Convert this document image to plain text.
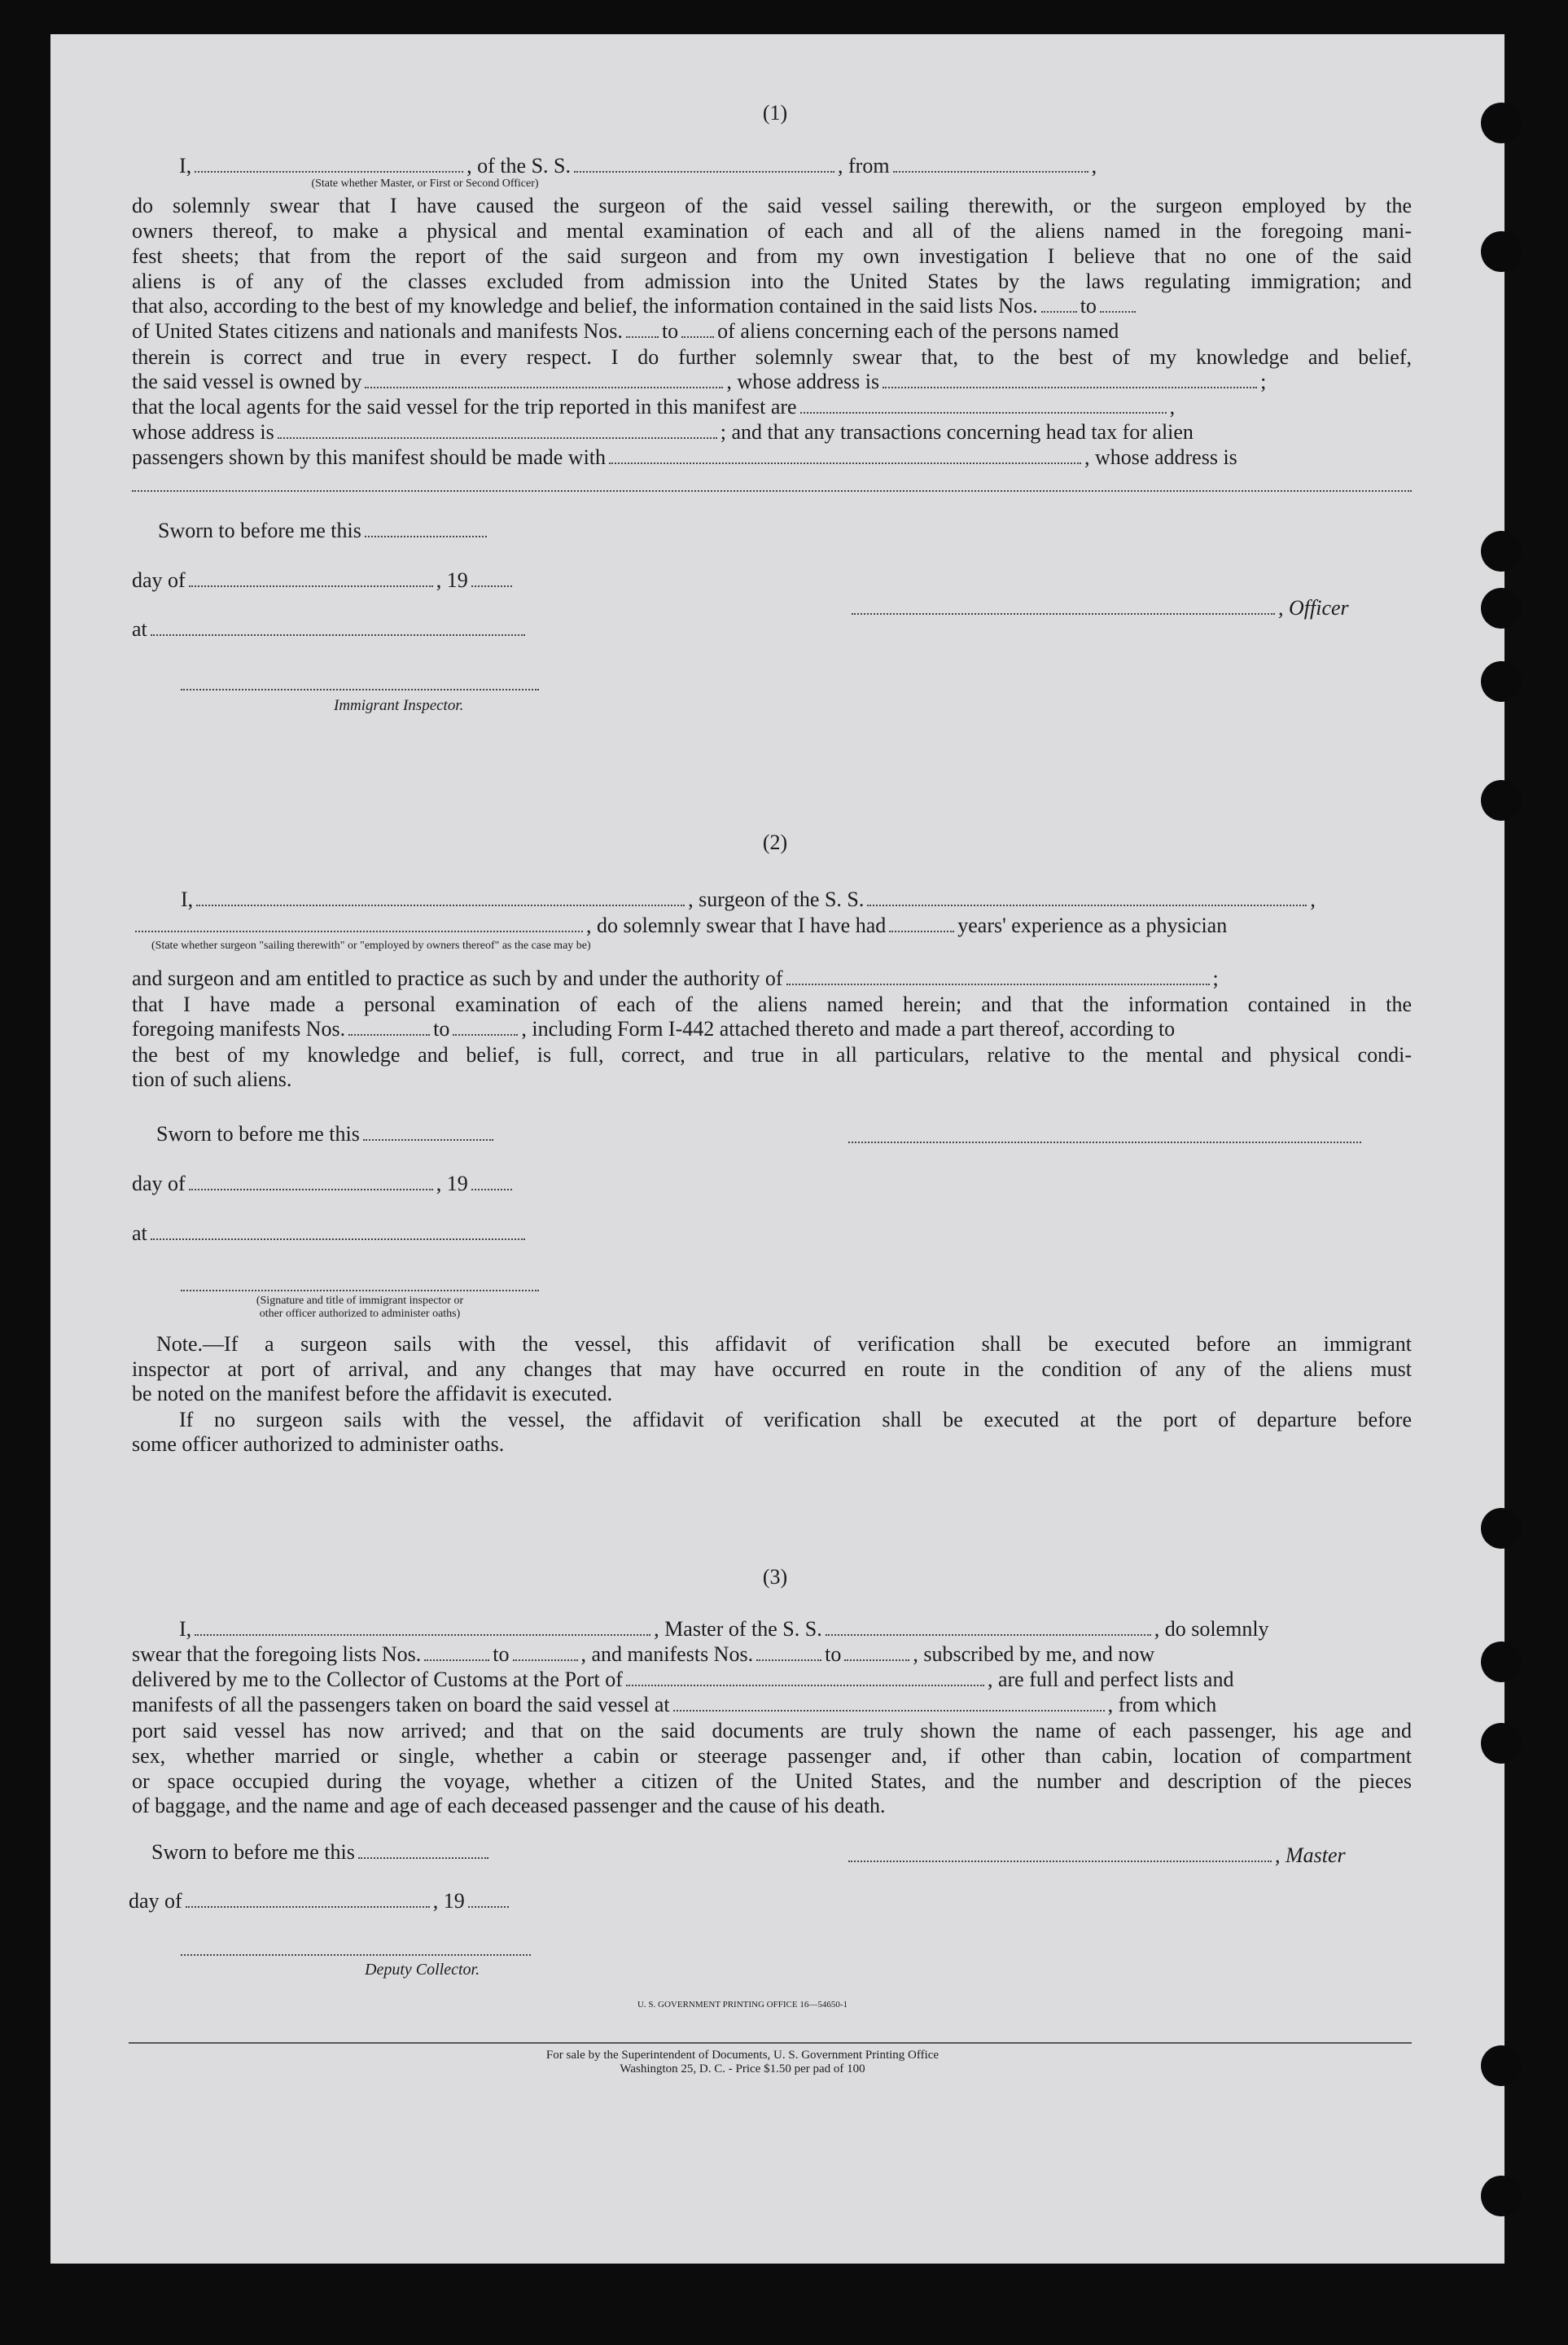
(1)
I,	, of the S. S.	, from	,
(State whether Master, or First or Second Officer)
do solemnly swear that I have caused the surgeon of the said vessel sailing therewith, or the surgeon employed by the
owners thereof, to make a physical and mental examination of each and all of the aliens named in the foregoing mani-
fest sheets; that from the report of the said surgeon and from my own investigation I believe that no one of the said
aliens is of any of the classes excluded from admission into the United States by the laws regulating immigration; and
that also, according to the best of my knowledge and belief, the information contained in the said lists Nos. to
of United States citizens and nationals and manifests Nos. to of aliens concerning each of the persons named
therein is correct and true in every respect. I do further solemnly swear that, to the best of my knowledge and belief,
the said vessel is owned by	, whose address is	;
that the local agents for the said vessel for the trip reported in this manifest are	,
whose address is	; and that any transactions concerning head tax for alien
passengers shown by this manifest should be made with	, whose address is
Sworn to before me this
day of	, 19
at
, Officer
Immigrant Inspector.
(2)
I,	, surgeon of the S. S.	,
, do solemnly swear that I have had	years' experience as a physician
(State whether surgeon "sailing therewith" or "employed by owners thereof" as the case may be)
and surgeon and am entitled to practice as such by and under the authority of	;
that I have made a personal examination of each of the aliens named herein; and that the information contained in the
foregoing manifests Nos.	to	, including Form I-442 attached thereto and made a part thereof, according to
the best of my knowledge and belief, is full, correct, and true in all particulars, relative to the mental and physical condi-
tion of such aliens.
Sworn to before me this
day of	, 19
at
(Signature and title of immigrant inspector or
other officer authorized to administer oaths)
Note.—If a surgeon sails with the vessel, this affidavit of verification shall be executed before an immigrant
inspector at port of arrival, and any changes that may have occurred en route in the condition of any of the aliens must
be noted on the manifest before the affidavit is executed.
If no surgeon sails with the vessel, the affidavit of verification shall be executed at the port of departure before
some officer authorized to administer oaths.
(3)
I,	, Master of the S. S.	, do solemnly
swear that the foregoing lists Nos.	to	, and manifests Nos.	to	, subscribed by me, and now
delivered by me to the Collector of Customs at the Port of	, are full and perfect lists and
manifests of all the passengers taken on board the said vessel at	, from which
port said vessel has now arrived; and that on the said documents are truly shown the name of each passenger, his age and
sex, whether married or single, whether a cabin or steerage passenger and, if other than cabin, location of compartment
or space occupied during the voyage, whether a citizen of the United States, and the number and description of the pieces
of baggage, and the name and age of each deceased passenger and the cause of his death.
Sworn to before me this	, Master
day of	, 19
Deputy Collector.
U. S. GOVERNMENT PRINTING OFFICE 16—54650-1
For sale by the Superintendent of Documents, U. S. Government Printing Office
Washington 25, D. C. - Price $1.50 per pad of 100
